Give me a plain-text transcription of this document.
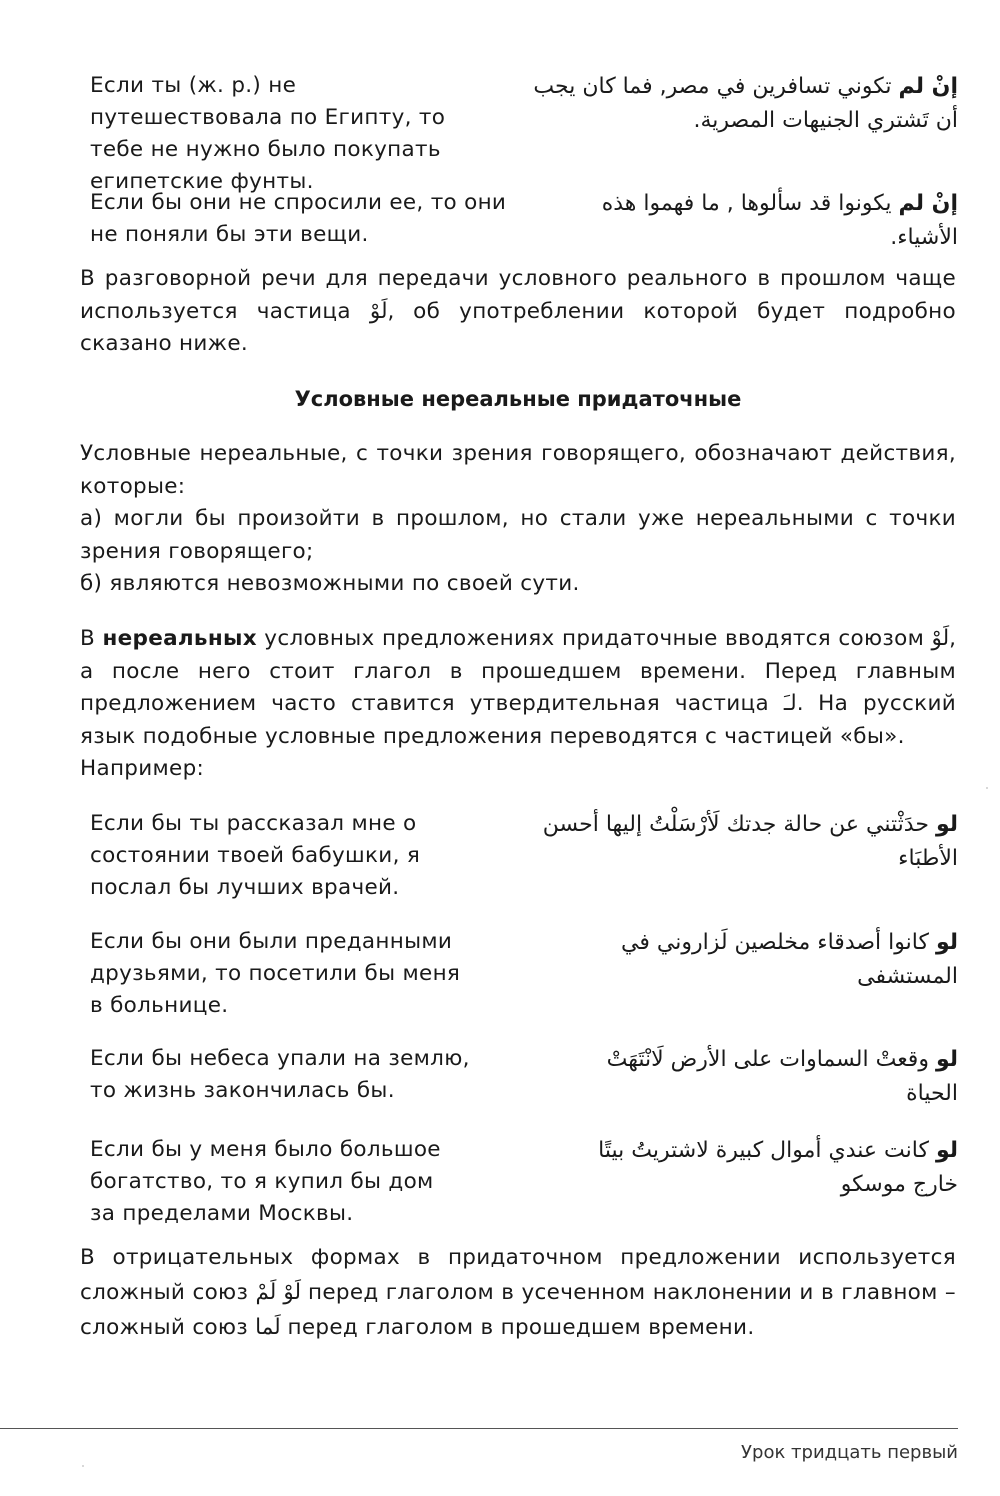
Если ты (ж. р.) не путешествовала по Египту, то тебе не нужно было покупать египетские фунты.
إنْ لم تكوني تسافرين في مصر, فما كان يجب أن تَشتري الجنيهات المصرية.
Если бы они не спросили ее, то они не поняли бы эти вещи.
إنْ لم يكونوا قد سألوها , ما فهموا هذه الأشياء.
В разговорной речи для передачи условного реального в прошлом чаще используется частица لَوْ, об употреблении которой будет подробно сказано ниже.
Условные нереальные придаточные
Условные нереальные, с точки зрения говорящего, обозначают действия, которые:
а) могли бы произойти в прошлом, но стали уже нереальными с точки зрения говорящего;
б) являются невозможными по своей сути.
В нереальных условных предложениях придаточные вводятся союзом لَوْ, а после него стоит глагол в прошедшем времени. Перед главным предложением часто ставится утвердительная частица لـَ. На русский язык подобные условные предложения переводятся с частицей «бы».
Например:
Если бы ты рассказал мне о состоянии твоей бабушки, я послал бы лучших врачей.
لو حدَثْتني عن حالة جدتك لَأرْسَلْتُ إليها أحسن الأطبَاء
Если бы они были преданными друзьями, то посетили бы меня в больнице.
لو كانوا أصدقاء مخلصين لَزاروني في المستشفى
Если бы небеса упали на землю, то жизнь закончилась бы.
لو وقعتْ السماوات على الأرض لَانْتَهَتْ الحياة
Если бы у меня было большое богатство, то я купил бы дом за пределами Москвы.
لو كانت عندي أموال كبيرة لاشتريتُ بيتًا خارج موسكو
В отрицательных формах в придаточном предложении используется сложный союз لَوْ لَمْ перед глаголом в усеченном наклонении и в главном – сложный союз لَما перед глаголом в прошедшем времени.
Урок тридцать первый
